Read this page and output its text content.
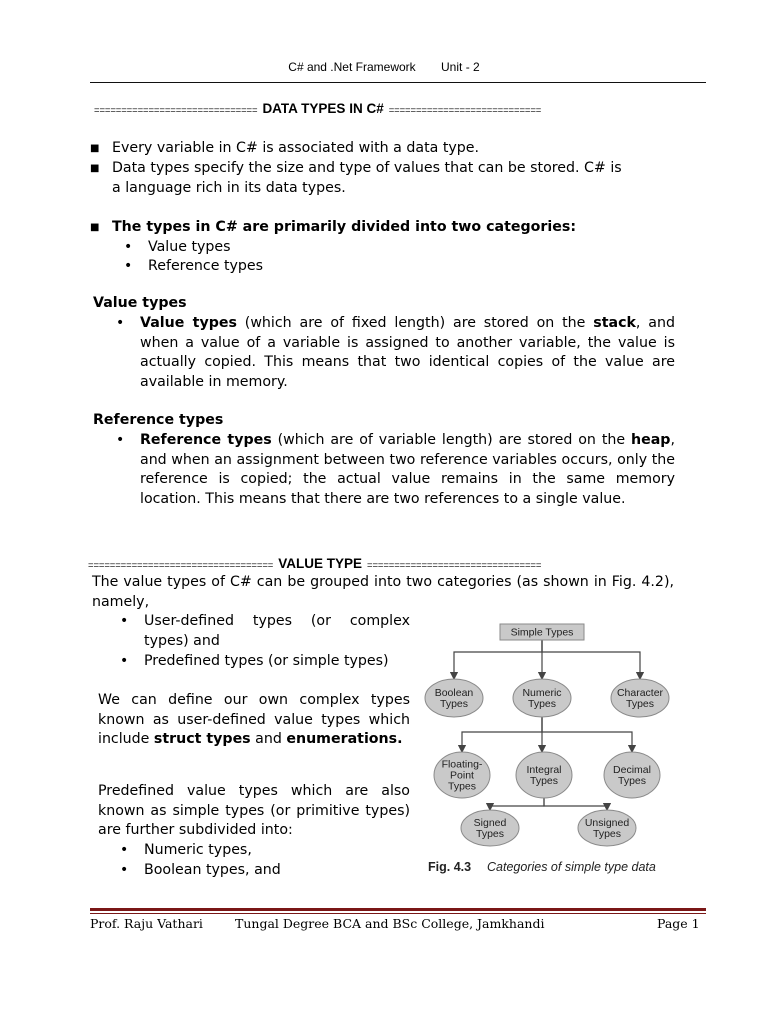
C# and .Net Framework Unit - 2
============================== DATA TYPES IN C# ============================
■ Every variable in C# is associated with a data type.
■ Data types specify the size and type of values that can be stored. C# is
a language rich in its data types.
■ The types in C# are primarily divided into two categories:
• Value types
• Reference types
Value types
• Value types (which are of fixed length) are stored on the stack, and when a value of a variable is assigned to another variable, the value is actually copied. This means that two identical copies of the value are available in memory.
Reference types
• Reference types (which are of variable length) are stored on the heap, and when an assignment between two reference variables occurs, only the reference is copied; the actual value remains in the same memory location. This means that there are two references to a single value.
================================== VALUE TYPE ================================
The value types of C# can be grouped into two categories (as shown in Fig. 4.2), namely,
• User-defined types (or complex types) and
• Predefined types (or simple types)
We can define our own complex types known as user-defined value types which include struct types and enumerations.
Predefined value types which are also known as simple types (or primitive types) are further subdivided into:
• Numeric types,
• Boolean types, and
Simple Types
Boolean
Types
Numeric
Types
Character
Types
Floating-
Point
Types
Integral
Types
Decimal
Types
Signed
Types
Unsigned
Types
Fig. 4.3 Categories of simple type data
Prof. Raju Vathari	Tungal Degree BCA and BSc College, Jamkhandi	Page 1
